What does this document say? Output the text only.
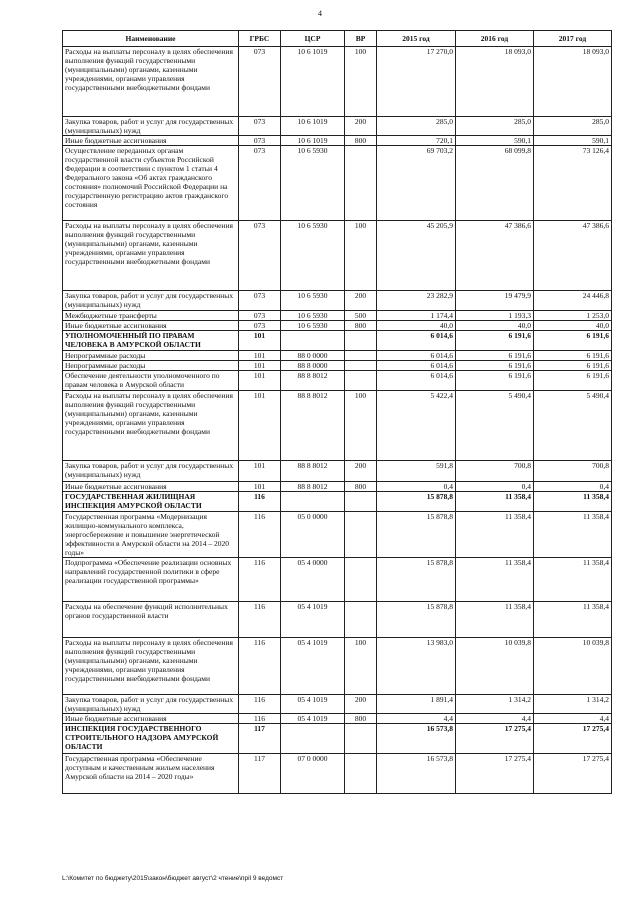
4
Наименование	ГРБС	ЦСР	ВР	2015 год	2016 год	2017 год
Расходы на выплаты персоналу в целях обеспечения выполнения функций государственными (муниципальными) органами, казенными учреждениями, органами управления государственными внебюджетными фондами	073	10 6 1019	100	17 270,0	18 093,0	18 093,0
Закупка товаров, работ и услуг для государственных (муниципальных) нужд	073	10 6 1019	200	285,0	285,0	285,0
Иные бюджетные ассигнования	073	10 6 1019	800	720,1	590,1	590,1
Осуществление переданных органам государственной власти субъектов Российской Федерации в соответствии с пунктом 1 статьи 4 Федерального закона «Об актах гражданского состояния» полномочий Российской Федерации на государственную регистрацию актов гражданского состояния	073	10 6 5930		69 703,2	68 099,8	73 126,4
Расходы на выплаты персоналу в целях обеспечения выполнения функций государственными (муниципальными) органами, казенными учреждениями, органами управления государственными внебюджетными фондами	073	10 6 5930	100	45 205,9	47 386,6	47 386,6
Закупка товаров, работ и услуг для государственных (муниципальных) нужд	073	10 6 5930	200	23 282,9	19 479,9	24 446,8
Межбюджетные трансферты	073	10 6 5930	500	1 174,4	1 193,3	1 253,0
Иные бюджетные ассигнования	073	10 6 5930	800	40,0	40,0	40,0
УПОЛНОМОЧЕННЫЙ ПО ПРАВАМ ЧЕЛОВЕКА В АМУРСКОЙ ОБЛАСТИ	101			6 014,6	6 191,6	6 191,6
Непрограммные расходы	101	88 0 0000		6 014,6	6 191,6	6 191,6
Непрограммные расходы	101	88 8 0000		6 014,6	6 191,6	6 191,6
Обеспечение деятельности уполномоченного по правам человека в Амурской области	101	88 8 8012		6 014,6	6 191,6	6 191,6
Расходы на выплаты персоналу в целях обеспечения выполнения функций государственными (муниципальными) органами, казенными учреждениями, органами управления государственными внебюджетными фондами	101	88 8 8012	100	5 422,4	5 490,4	5 490,4
Закупка товаров, работ и услуг для государственных (муниципальных) нужд	101	88 8 8012	200	591,8	700,8	700,8
Иные бюджетные ассигнования	101	88 8 8012	800	0,4	0,4	0,4
ГОСУДАРСТВЕННАЯ ЖИЛИЩНАЯ ИНСПЕКЦИЯ АМУРСКОЙ ОБЛАСТИ	116			15 878,8	11 358,4	11 358,4
Государственная программа «Модернизация жилищно-коммунального комплекса, энергосбережение и повышение энергетической эффективности в Амурской области на 2014 – 2020 годы»	116	05 0 0000		15 878,8	11 358,4	11 358,4
Подпрограмма «Обеспечение реализации основных направлений государственной политики в сфере реализации государственной программы»	116	05 4 0000		15 878,8	11 358,4	11 358,4
Расходы на обеспечение функций исполнительных органов государственной власти	116	05 4 1019		15 878,8	11 358,4	11 358,4
Расходы на выплаты персоналу в целях обеспечения выполнения функций государственными (муниципальными) органами, казенными учреждениями, органами управления государственными внебюджетными фондами	116	05 4 1019	100	13 983,0	10 039,8	10 039,8
Закупка товаров, работ и услуг для государственных (муниципальных) нужд	116	05 4 1019	200	1 891,4	1 314,2	1 314,2
Иные бюджетные ассигнования	116	05 4 1019	800	4,4	4,4	4,4
ИНСПЕКЦИЯ ГОСУДАРСТВЕННОГО СТРОИТЕЛЬНОГО НАДЗОРА АМУРСКОЙ ОБЛАСТИ	117			16 573,8	17 275,4	17 275,4
Государственная программа «Обеспечение доступным и качественным жильем населения Амурской области на 2014 – 2020 годы»	117	07 0 0000		16 573,8	17 275,4	17 275,4
L:\Комитет по бюджету\2015\закон\бюджет август\2 чтение\прil 9 ведомст
